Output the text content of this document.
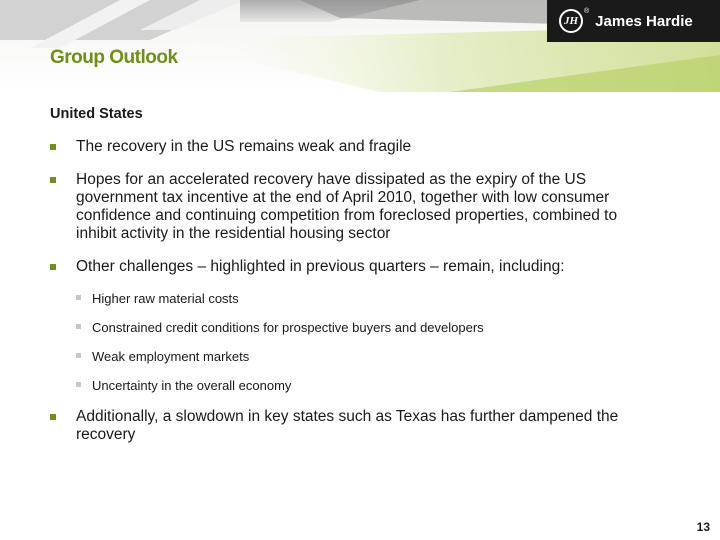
JH
®
James Hardie
Group Outlook
United States
The recovery in the US remains weak and fragile
Hopes for an accelerated recovery have dissipated as the expiry of the US government tax incentive at the end of April 2010, together with low consumer confidence and continuing competition from foreclosed properties, combined to inhibit activity in the residential housing sector
Other challenges – highlighted in previous quarters – remain, including:
Higher raw material costs
Constrained credit conditions for prospective buyers and developers
Weak employment markets
Uncertainty in the overall economy
Additionally, a slowdown in key states such as Texas has further dampened the recovery
13
